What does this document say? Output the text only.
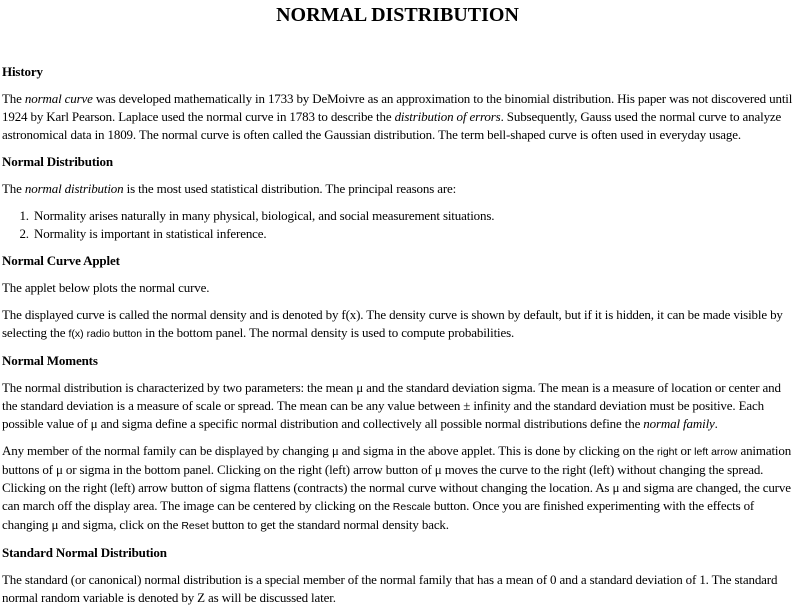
NORMAL DISTRIBUTION
History

The normal curve was developed mathematically in 1733 by DeMoivre as an approximation to the binomial distribution. His paper was not discovered until 1924 by Karl Pearson. Laplace used the normal curve in 1783 to describe the distribution of errors. Subsequently, Gauss used the normal curve to analyze astronomical data in 1809. The normal curve is often called the Gaussian distribution. The term bell-shaped curve is often used in everyday usage.

Normal Distribution

The normal distribution is the most used statistical distribution. The principal reasons are:

1. Normality arises naturally in many physical, biological, and social measurement situations.
2. Normality is important in statistical inference.
Normal Curve Applet

The applet below plots the normal curve.

The displayed curve is called the normal density and is denoted by f(x). The density curve is shown by default, but if it is hidden, it can be made visible by selecting the f(x) radio button in the bottom panel. The normal density is used to compute probabilities.

Normal Moments

The normal distribution is characterized by two parameters: the mean μ and the standard deviation sigma. The mean is a measure of location or center and the standard deviation is a measure of scale or spread. The mean can be any value between ± infinity and the standard deviation must be positive. Each possible value of μ and sigma define a specific normal distribution and collectively all possible normal distributions define the normal family.

Any member of the normal family can be displayed by changing μ and sigma in the above applet. This is done by clicking on the right or left arrow animation buttons of μ or sigma in the bottom panel. Clicking on the right (left) arrow button of μ moves the curve to the right (left) without changing the spread. Clicking on the right (left) arrow button of sigma flattens (contracts) the normal curve without changing the location. As μ and sigma are changed, the curve can march off the display area. The image can be centered by clicking on the Rescale button. Once you are finished experimenting with the effects of changing μ and sigma, click on the Reset button to get the standard normal density back.

Standard Normal Distribution

The standard (or canonical) normal distribution is a special member of the normal family that has a mean of 0 and a standard deviation of 1. The standard normal random variable is denoted by Z as will be discussed later.
